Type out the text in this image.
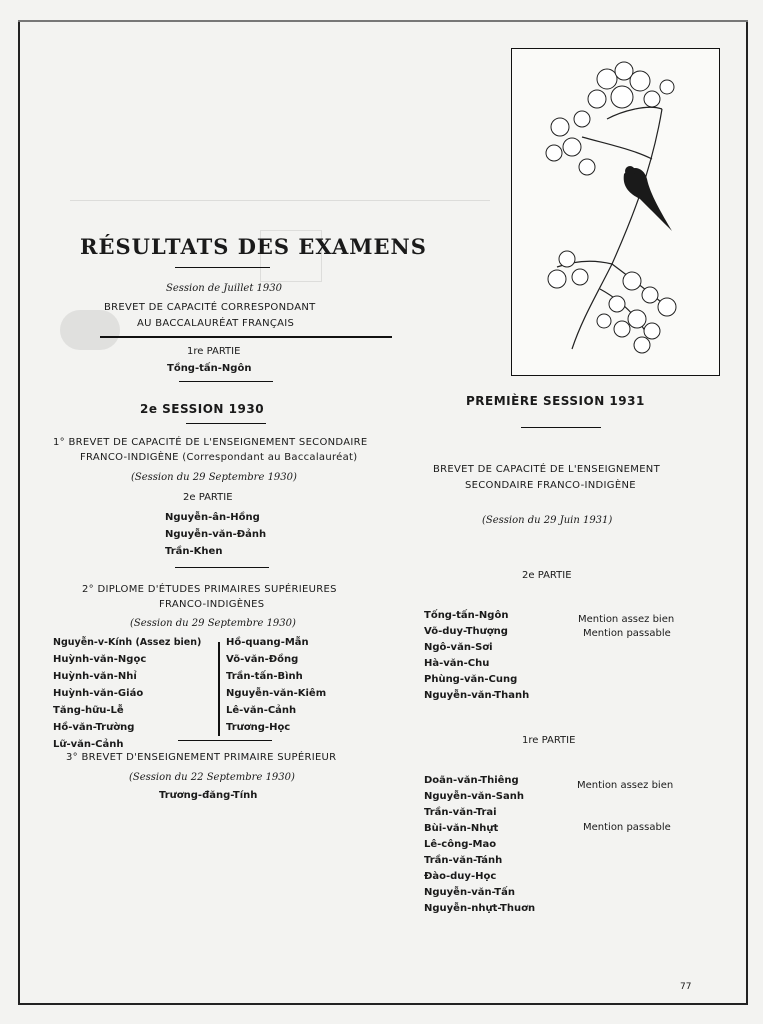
RÉSULTATS DES EXAMENS
Session de Juillet 1930
BREVET DE CAPACITÉ CORRESPONDANT
AU BACCALAURÉAT FRANÇAIS
1re PARTIE
Tồng-tấn-Ngôn
2e SESSION 1930
1° BREVET DE CAPACITÉ DE L'ENSEIGNEMENT SECONDAIRE
FRANCO-INDIGÈNE (Correspondant au Baccalauréat)
(Session du 29 Septembre 1930)
2e PARTIE
Nguyễn-ân-Hồng
Nguyễn-văn-Đảnh
Trần-Khen
2° DIPLOME D'ÉTUDES PRIMAIRES SUPÉRIEURES
FRANCO-INDIGÈNES
(Session du 29 Septembre 1930)
Nguyễn-v-Kính (Assez bien)
Huỳnh-văn-Ngọc
Huỳnh-văn-Nhỉ
Huỳnh-văn-Giáo
Tăng-hữu-Lễ
Hồ-văn-Trường
Lữ-văn-Cảnh
Hồ-quang-Mẫn
Võ-văn-Đồng
Trần-tấn-Bình
Nguyễn-văn-Kiêm
Lê-văn-Cảnh
Trương-Học
3° BREVET D'ENSEIGNEMENT PRIMAIRE SUPÉRIEUR
(Session du 22 Septembre 1930)
Trương-đăng-Tính
PREMIÈRE SESSION 1931
BREVET DE CAPACITÉ DE L'ENSEIGNEMENT
SECONDAIRE FRANCO-INDIGÈNE
(Session du 29 Juin 1931)
2e PARTIE
Tống-tấn-Ngôn
Võ-duy-Thượng
Ngô-văn-Sơi
Hà-văn-Chu
Phùng-văn-Cung
Nguyễn-văn-Thanh
Mention assez bien
Mention passable
1re PARTIE
Doãn-văn-Thiêng
Nguyễn-văn-Sanh
Trần-văn-Trai
Bùi-văn-Nhựt
Lê-công-Mao
Trần-văn-Tánh
Đào-duy-Học
Nguyễn-văn-Tấn
Nguyễn-nhựt-Thuơn
Mention assez bien
Mention passable
77
